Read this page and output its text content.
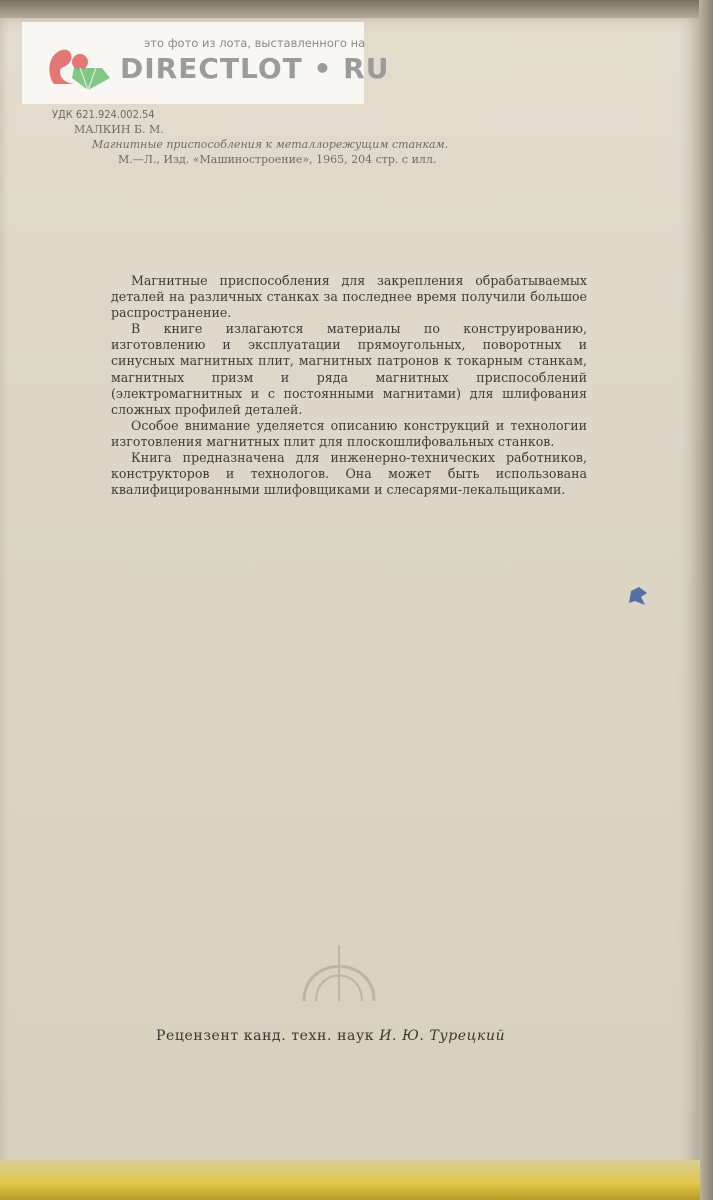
это фото из лота, выставленного на
DIRECTLOT • RU
УДК 621.924.002.54
МАЛКИН Б. М.
Магнитные приспособления к металлорежущим станкам.
М.—Л., Изд. «Машиностроение», 1965, 204 стр. с илл.

Магнитные приспособления для закрепления обрабатываемых деталей на различных станках за последнее время получили большое распространение.

В книге излагаются материалы по конструированию, изготовлению и эксплуатации прямоугольных, поворотных и синусных магнитных плит, магнитных патронов к токарным станкам, магнитных призм и ряда магнитных приспособлений (электромагнитных и с постоянными магнитами) для шлифования сложных профилей деталей.

Особое внимание уделяется описанию конструкций и технологии изготовления магнитных плит для плоскошлифовальных станков.

Книга предназначена для инженерно-технических работников, конструкторов и технологов. Она может быть использована квалифицированными шлифовщиками и слесарями-лекальщиками.

Рецензент канд. техн. наук И. Ю. Турецкий
